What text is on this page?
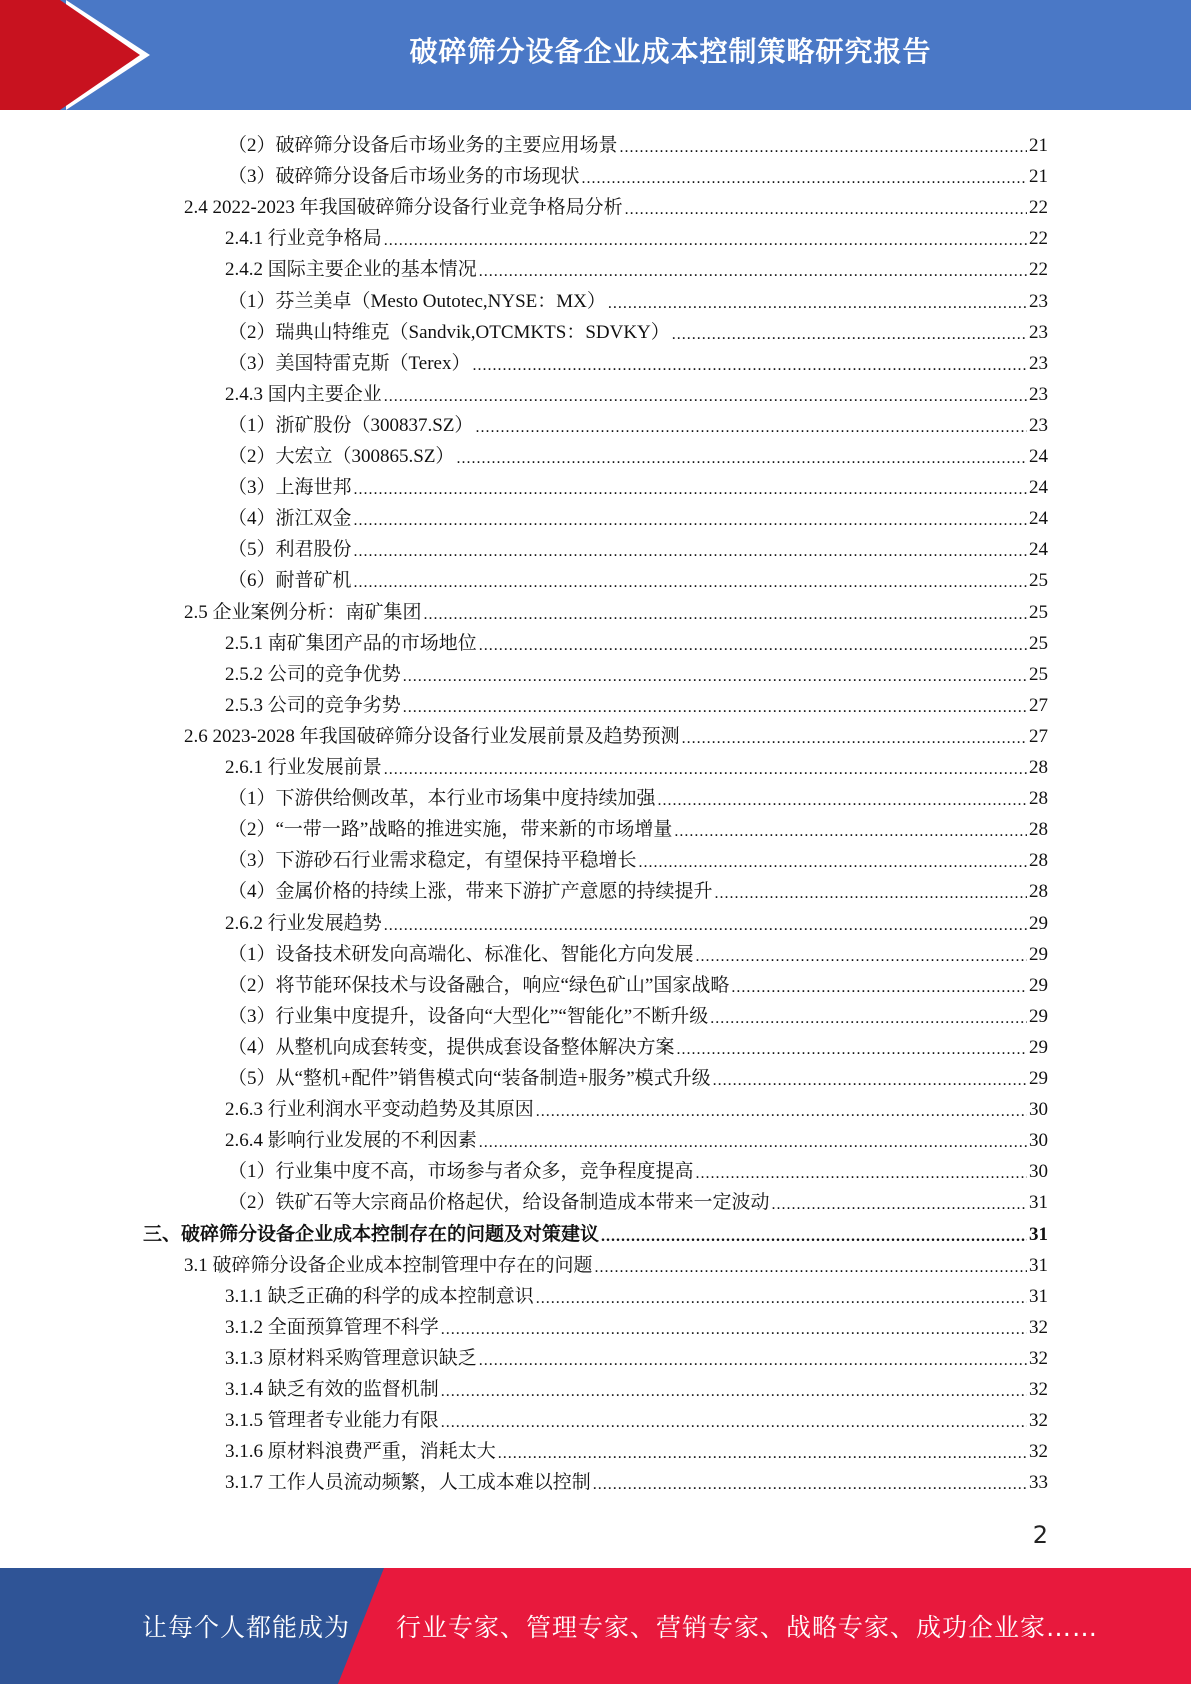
破碎筛分设备企业成本控制策略研究报告
（2）破碎筛分设备后市场业务的主要应用场景 .....	21
（3）破碎筛分设备后市场业务的市场现状 .....	21
2.4 2022-2023 年我国破碎筛分设备行业竞争格局分析 .....	22
2.4.1 行业竞争格局 .....	22
2.4.2 国际主要企业的基本情况 .....	22
（1）芬兰美卓（Mesto Outotec,NYSE：MX） .....	23
（2）瑞典山特维克（Sandvik,OTCMKTS：SDVKY） .....	23
（3）美国特雷克斯（Terex） .....	23
2.4.3 国内主要企业 .....	23
（1）浙矿股份（300837.SZ） .....	23
（2）大宏立（300865.SZ） .....	24
（3）上海世邦 .....	24
（4）浙江双金 .....	24
（5）利君股份 .....	24
（6）耐普矿机 .....	25
2.5 企业案例分析：南矿集团 .....	25
2.5.1 南矿集团产品的市场地位 .....	25
2.5.2 公司的竞争优势 .....	25
2.5.3 公司的竞争劣势 .....	27
2.6 2023-2028 年我国破碎筛分设备行业发展前景及趋势预测 .....	27
2.6.1 行业发展前景 .....	28
（1）下游供给侧改革，本行业市场集中度持续加强 .....	28
（2）“一带一路”战略的推进实施，带来新的市场增量 .....	28
（3）下游砂石行业需求稳定，有望保持平稳增长 .....	28
（4）金属价格的持续上涨，带来下游扩产意愿的持续提升 .....	28
2.6.2 行业发展趋势 .....	29
（1）设备技术研发向高端化、标准化、智能化方向发展 .....	29
（2）将节能环保技术与设备融合，响应“绿色矿山”国家战略 .....	29
（3）行业集中度提升，设备向“大型化”“智能化”不断升级 .....	29
（4）从整机向成套转变，提供成套设备整体解决方案 .....	29
（5）从“整机+配件”销售模式向“装备制造+服务”模式升级 .....	29
2.6.3 行业利润水平变动趋势及其原因 .....	30
2.6.4 影响行业发展的不利因素 .....	30
（1）行业集中度不高，市场参与者众多，竞争程度提高 .....	30
（2）铁矿石等大宗商品价格起伏，给设备制造成本带来一定波动 .....	31
三、破碎筛分设备企业成本控制存在的问题及对策建议 .....	31
3.1 破碎筛分设备企业成本控制管理中存在的问题 .....	31
3.1.1 缺乏正确的科学的成本控制意识 .....	31
3.1.2 全面预算管理不科学 .....	32
3.1.3 原材料采购管理意识缺乏 .....	32
3.1.4 缺乏有效的监督机制 .....	32
3.1.5 管理者专业能力有限 .....	32
3.1.6 原材料浪费严重，消耗太大 .....	32
3.1.7 工作人员流动频繁，人工成本难以控制 .....	33
2
让每个人都能成为 行业专家、管理专家、营销专家、战略专家、成功企业家……
